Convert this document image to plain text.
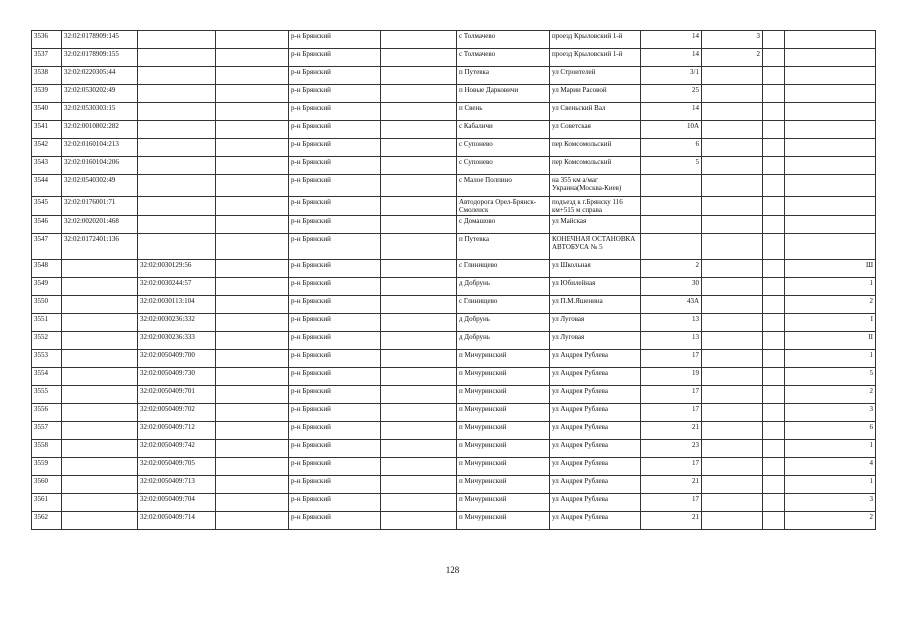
3536	32:02:0178909:145			р-н Брянский		с Толмачево	проезд Крыловский 1-й	14	3		
3537	32:02:0178909:155			р-н Брянский		с Толмачево	проезд Крыловский 1-й	14	2		
3538	32:02:0220305:44			р-н Брянский		п Путевка	ул Строителей	3/1			
3539	32:02:0530202:49			р-н Брянский		п Новые Дарковичи	ул Марии Расовой	25			
3540	32:02:0530303:15			р-н Брянский		п Свень	ул Свеньский Вал	14			
3541	32:02:0010802:282			р-н Брянский		с Кабаличи	ул Советская	10А			
3542	32:02:0160104:213			р-н Брянский		с Супонево	пер Комсомольский	6			
3543	32:02:0160104:206			р-н Брянский		с Супонево	пер Комсомольский	5			
3544	32:02:0540302:49			р-н Брянский		с Малое Полпино	на 355 км а/маг Украина(Москва-Киев)				
3545	32:02:0176001:71			р-н Брянский		Автодорога Орел-Брянск-Смоленск	подъезд к г.Брянску 116 км+515 м справа				
3546	32:02:0020201:468			р-н Брянский		с Домашово	ул Майская				
3547	32:02:0172401:136			р-н Брянский		п Путевка	КОНЕЧНАЯ ОСТАНОВКА АВТОБУСА № 5				
3548		32:02:0030129:56		р-н Брянский		с Глинищево	ул Школьная	2			Ш
3549		32:02:0030244:57		р-н Брянский		д Добрунь	ул Юбилейная	30			1
3550		32:02:0030113:104		р-н Брянский		с Глинищево	ул П.М.Яшенина	43А			2
3551		32:02:0030236:332		р-н Брянский		д Добрунь	ул Луговая	13			I
3552		32:02:0030236:333		р-н Брянский		д Добрунь	ул Луговая	13			II
3553		32:02:0050409:700		р-н Брянский		п Мичуринский	ул Андрея Рублева	17			1
3554		32:02:0050409:730		р-н Брянский		п Мичуринский	ул Андрея Рублева	19			5
3555		32:02:0050409:701		р-н Брянский		п Мичуринский	ул Андрея Рублева	17			2
3556		32:02:0050409:702		р-н Брянский		п Мичуринский	ул Андрея Рублева	17			3
3557		32:02:0050409:712		р-н Брянский		п Мичуринский	ул Андрея Рублева	21			6
3558		32:02:0050409:742		р-н Брянский		п Мичуринский	ул Андрея Рублева	23			1
3559		32:02:0050409:705		р-н Брянский		п Мичуринский	ул Андрея Рублева	17			4
3560		32:02:0050409:713		р-н Брянский		п Мичуринский	ул Андрея Рублева	21			1
3561		32:02:0050409:704		р-н Брянский		п Мичуринский	ул Андрея Рублева	17			3
3562		32:02:0050409:714		р-н Брянский		п Мичуринский	ул Андрея Рублева	21			2
128
